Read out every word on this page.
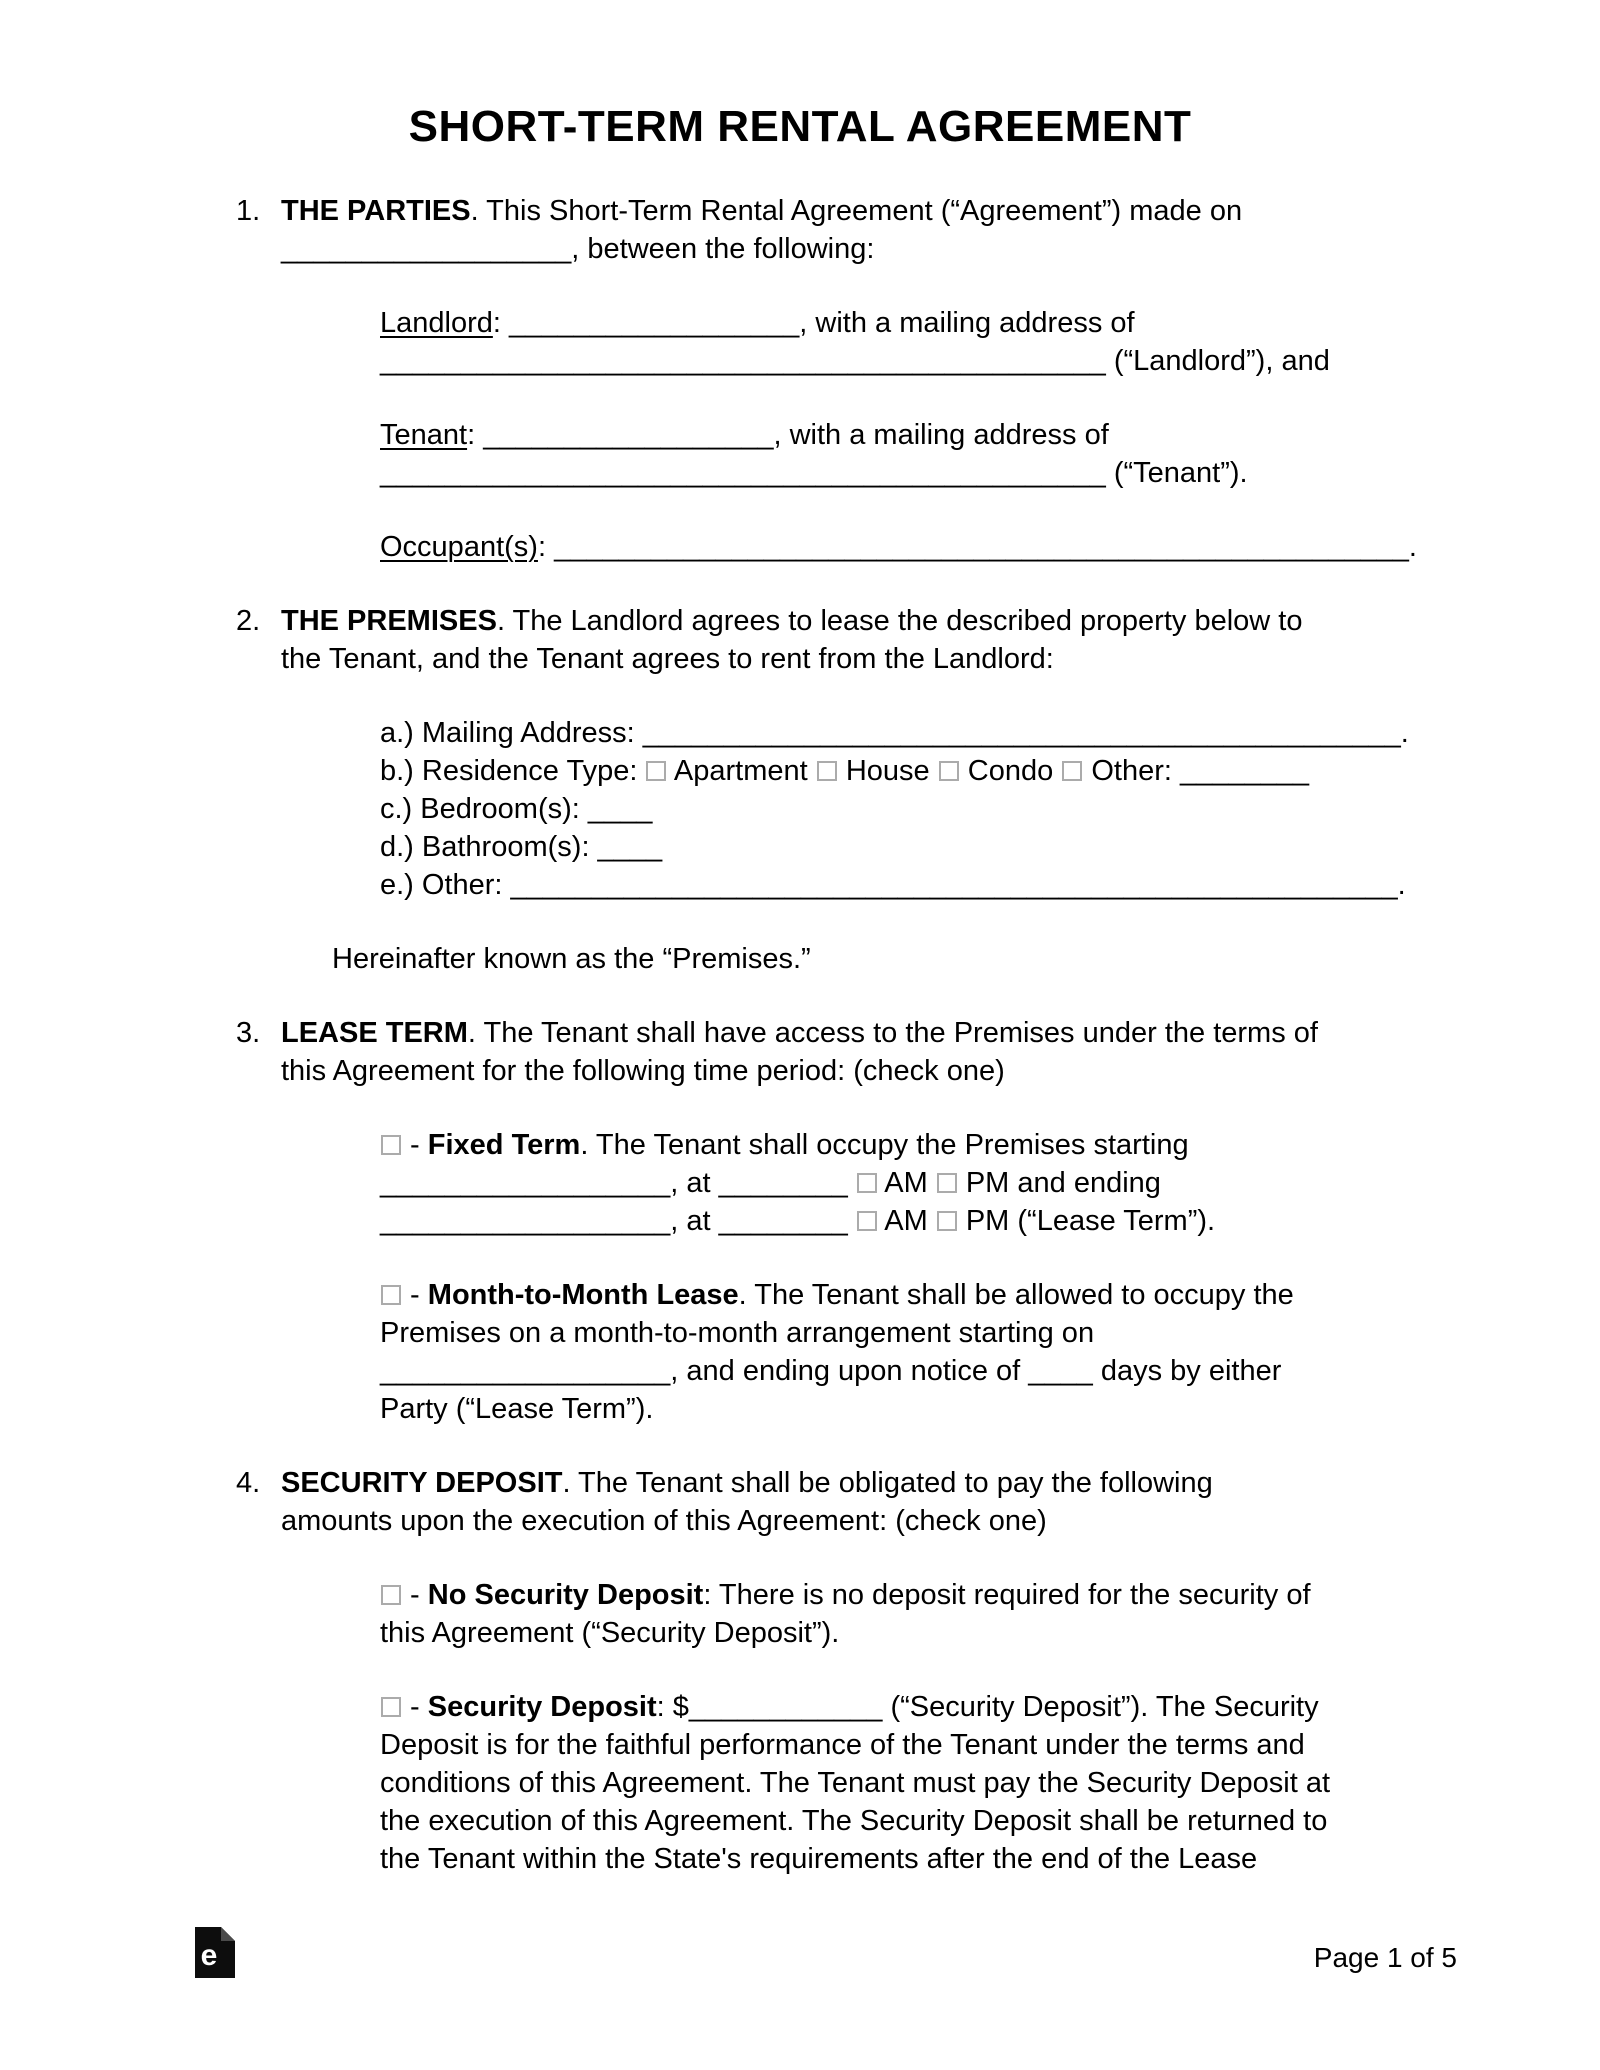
SHORT-TERM RENTAL AGREEMENT
1. THE PARTIES. This Short-Term Rental Agreement (“Agreement”) made on
__________________, between the following:
Landlord: __________________, with a mailing address of
_____________________________________________ (“Landlord”), and
Tenant: __________________, with a mailing address of
_____________________________________________ (“Tenant”).
Occupant(s): _____________________________________________________.
2. THE PREMISES. The Landlord agrees to lease the described property below to
the Tenant, and the Tenant agrees to rent from the Landlord:
a.) Mailing Address: _______________________________________________.
b.) Residence Type:  Apartment  House  Condo  Other: ________
c.) Bedroom(s): ____
d.) Bathroom(s): ____
e.) Other: _______________________________________________________.
Hereinafter known as the “Premises.”
3. LEASE TERM. The Tenant shall have access to the Premises under the terms of
this Agreement for the following time period: (check one)
- Fixed Term. The Tenant shall occupy the Premises starting
__________________, at ________  AM  PM and ending
__________________, at ________  AM  PM (“Lease Term”).
- Month-to-Month Lease. The Tenant shall be allowed to occupy the
Premises on a month-to-month arrangement starting on
__________________, and ending upon notice of ____ days by either
Party (“Lease Term”).
4. SECURITY DEPOSIT. The Tenant shall be obligated to pay the following
amounts upon the execution of this Agreement: (check one)
- No Security Deposit: There is no deposit required for the security of
this Agreement (“Security Deposit”).
- Security Deposit: $____________ (“Security Deposit”). The Security
Deposit is for the faithful performance of the Tenant under the terms and
conditions of this Agreement. The Tenant must pay the Security Deposit at
the execution of this Agreement. The Security Deposit shall be returned to
the Tenant within the State's requirements after the end of the Lease
e	Page 1 of 5
